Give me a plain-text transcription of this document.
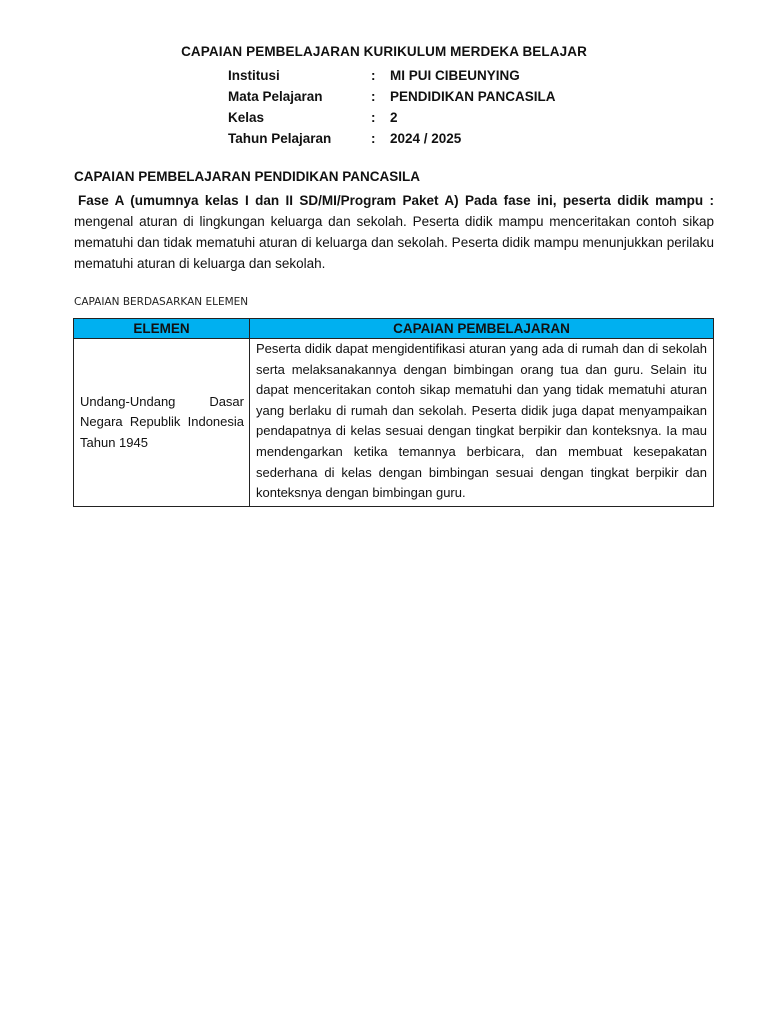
CAPAIAN PEMBELAJARAN KURIKULUM MERDEKA BELAJAR
Institusi	:	MI PUI CIBEUNYING
Mata Pelajaran	:	PENDIDIKAN PANCASILA
Kelas	:	2
Tahun Pelajaran	:	2024 / 2025
CAPAIAN PEMBELAJARAN PENDIDIKAN PANCASILA
Fase A (umumnya kelas I dan II SD/MI/Program Paket A) Pada fase ini, peserta didik mampu : mengenal aturan di lingkungan keluarga dan sekolah. Peserta didik mampu menceritakan contoh sikap mematuhi dan tidak mematuhi aturan di keluarga dan sekolah. Peserta didik mampu menunjukkan perilaku mematuhi aturan di keluarga dan sekolah.
CAPAIAN BERDASARKAN ELEMEN
ELEMEN	CAPAIAN PEMBELAJARAN
Undang-Undang Dasar Negara Republik Indonesia Tahun 1945	Peserta didik dapat mengidentifikasi aturan yang ada di rumah dan di sekolah serta melaksanakannya dengan bimbingan orang tua dan guru. Selain itu dapat menceritakan contoh sikap mematuhi dan yang tidak mematuhi aturan yang berlaku di rumah dan sekolah. Peserta didik juga dapat menyampaikan pendapatnya di kelas sesuai dengan tingkat berpikir dan konteksnya. Ia mau mendengarkan ketika temannya berbicara, dan membuat kesepakatan sederhana di kelas dengan bimbingan sesuai dengan tingkat berpikir dan konteksnya dengan bimbingan guru.
